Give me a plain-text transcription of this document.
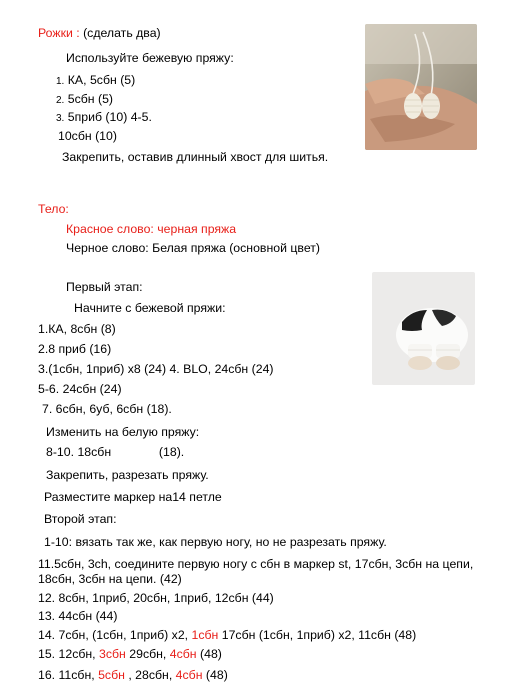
Рожки : (сделать два)
Используйте бежевую пряжу:
1. КА, 5сбн (5)
2. 5сбн (5)
3. 5приб (10) 4-5.
10сбн (10)
Закрепить, оставив длинный хвост для шитья.
Тело:
Красное слово: черная пряжа
Черное слово: Белая пряжа (основной цвет)
Первый этап:
Начните с бежевой пряжи:
1.КА, 8сбн (8)
2.8 приб (16)
3.(1сбн, 1приб) x8 (24) 4. BLO, 24сбн (24)
5-6. 24сбн (24)
7. 6сбн, 6уб, 6сбн (18).
Изменить на белую пряжу:
8-10. 18сбн              (18).
Закрепить, разрезать пряжу.
Разместите маркер на14 петле
Второй этап:
1-10: вязать так же, как первую ногу, но не разрезать пряжу.
11.5сбн, 3ch, соедините первую ногу с сбн в маркер st, 17сбн, 3сбн на цепи,
18сбн, 3сбн на цепи. (42)
12. 8сбн, 1приб, 20сбн, 1приб, 12сбн (44)
13. 44сбн (44)
14. 7сбн, (1сбн, 1приб) x2, 1сбн 17сбн (1сбн, 1приб) x2, 11сбн (48)
15. 12сбн, 3сбн 29сбн, 4сбн (48)
16. 11сбн, 5сбн , 28сбн, 4сбн (48)
